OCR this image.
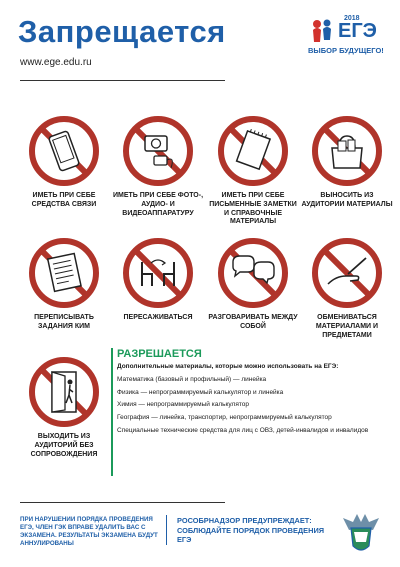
Запрещается
www.ege.edu.ru
2018
ЕГЭ
ВЫБОР БУДУЩЕГО!
ИМЕТЬ ПРИ СЕБЕ СРЕДСТВА СВЯЗИ
ИМЕТЬ ПРИ СЕБЕ ФОТО-, АУДИО- И ВИДЕОАППАРАТУРУ
ИМЕТЬ ПРИ СЕБЕ ПИСЬМЕННЫЕ ЗАМЕТКИ И СПРАВОЧНЫЕ МАТЕРИАЛЫ
ВЫНОСИТЬ ИЗ АУДИТОРИИ МАТЕРИАЛЫ
ПЕРЕПИСЫВАТЬ ЗАДАНИЯ КИМ
ПЕРЕСАЖИВАТЬСЯ	РАЗГОВАРИВАТЬ МЕЖДУ СОБОЙ
ОБМЕНИВАТЬСЯ МАТЕРИАЛАМИ И ПРЕДМЕТАМИ
ВЫХОДИТЬ ИЗ АУДИТОРИЙ БЕЗ СОПРОВОЖДЕНИЯ
РАЗРЕШАЕТСЯ
Дополнительные материалы, которые можно использовать на ЕГЭ:
Математика (базовый и профильный) — линейка
Физика — непрограммируемый калькулятор и линейка
Химия — непрограммируемый калькулятор
География — линейка, транспортир, непрограммируемый калькулятор
Специальные технические средства для лиц с ОВЗ, детей-инвалидов и инвалидов
ПРИ НАРУШЕНИИ ПОРЯДКА ПРОВЕДЕНИЯ ЕГЭ, ЧЛЕН ГЭК ВПРАВЕ УДАЛИТЬ ВАС С ЭКЗАМЕНА. РЕЗУЛЬТАТЫ ЭКЗАМЕНА БУДУТ АННУЛИРОВАНЫ
РОСОБРНАДЗОР ПРЕДУПРЕЖДАЕТ: СОБЛЮДАЙТЕ ПОРЯДОК ПРОВЕДЕНИЯ ЕГЭ
